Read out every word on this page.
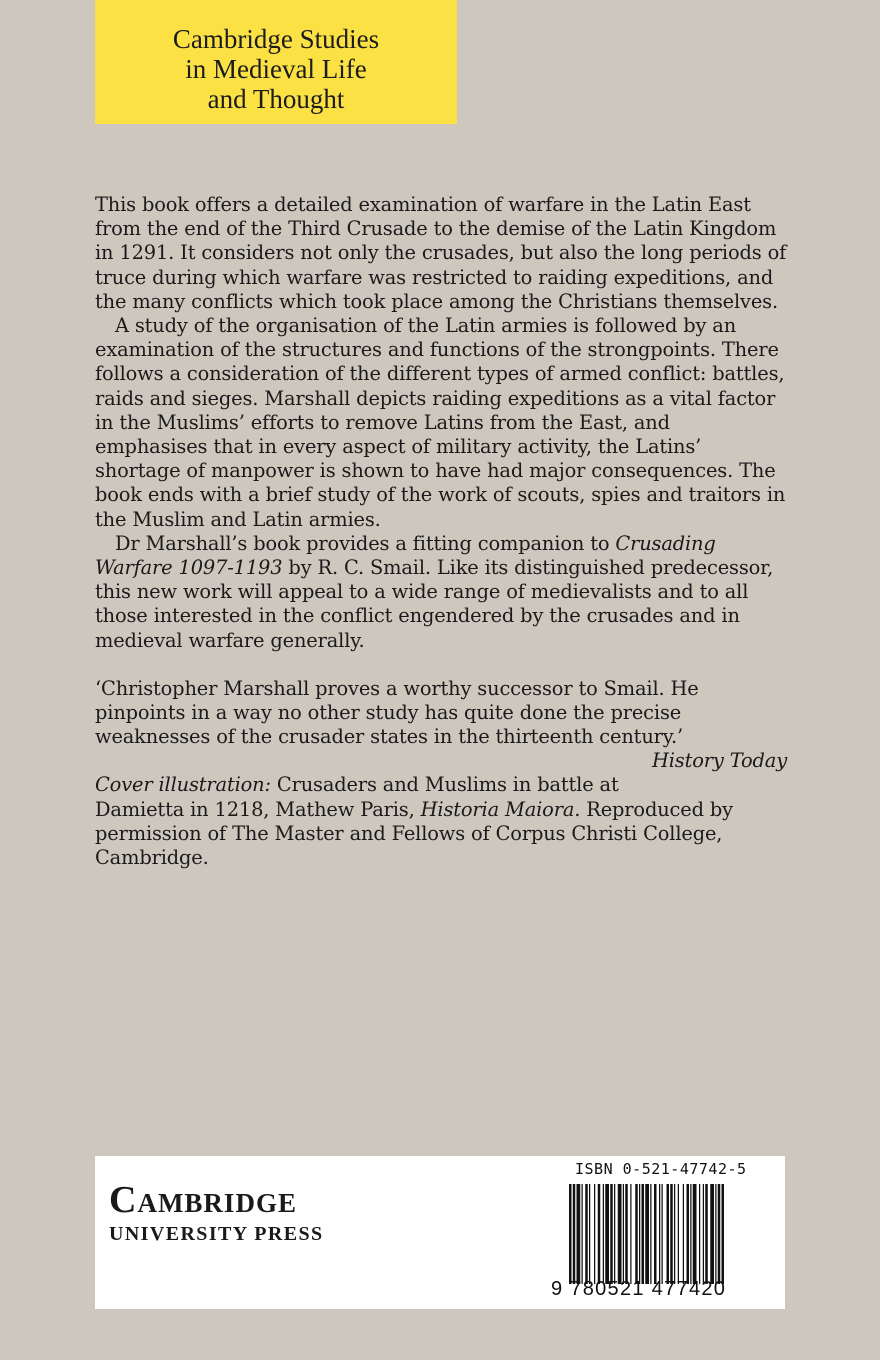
Cambridge Studies
in Medieval Life
and Thought

This book offers a detailed examination of warfare in the Latin East from the end of the Third Crusade to the demise of the Latin Kingdom in 1291. It considers not only the crusades, but also the long periods of truce during which warfare was restricted to raiding expeditions, and the many conflicts which took place among the Christians themselves.

A study of the organisation of the Latin armies is followed by an examination of the structures and functions of the strongpoints. There follows a consideration of the different types of armed conflict: battles, raids and sieges. Marshall depicts raiding expeditions as a vital factor in the Muslims’ efforts to remove Latins from the East, and emphasises that in every aspect of military activity, the Latins’ shortage of manpower is shown to have had major consequences. The book ends with a brief study of the work of scouts, spies and traitors in the Muslim and Latin armies.

Dr Marshall’s book provides a fitting companion to Crusading Warfare 1097-1193 by R. C. Smail. Like its distinguished predecessor, this new work will appeal to a wide range of medievalists and to all those interested in the conflict engendered by the crusades and in medieval warfare generally.

‘Christopher Marshall proves a worthy successor to Smail. He pinpoints in a way no other study has quite done the precise weaknesses of the crusader states in the thirteenth century.’
History Today

Cover illustration: Crusaders and Muslims in battle at Damietta in 1218, Mathew Paris, Historia Maiora. Reproduced by permission of The Master and Fellows of Corpus Christi College, Cambridge.

Cambridge
UNIVERSITY PRESS
ISBN 0-521-47742-5
9 780521 477420
